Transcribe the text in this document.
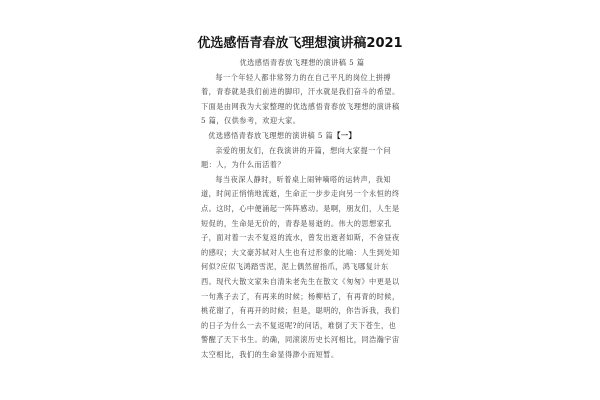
优选感悟青春放飞理想演讲稿2021

优选感悟青春放飞理想的演讲稿 5 篇

每一个年轻人都非常努力的在自己平凡的岗位上拼搏着，青春就是我们前进的脚印，汗水就是我们奋斗的希望。下面是由网我为大家整理的优选感悟青春放飞理想的演讲稿 5 篇，仅供参考，欢迎大家。

优选感悟青春放飞理想的演讲稿 5 篇【一】

亲爱的朋友们，在我演讲的开篇，想向大家提一个问题：人，为什么而活着？

每当夜深人静时，听着桌上闹钟嘀嗒的运转声，我知道，时间正悄悄地流逝，生命正一步步走向另一个永恒的终点。这时，心中便涌起一阵阵感动。是啊，朋友们，人生是短促的，生命是无价的，青春是易逝的。伟大的思想家孔子，面对着一去不复返的流水，曾发出逝者如斯，不舍昼夜的感叹；大文豪苏轼对人生也有过形象的比喻：人生到处知何似?应似飞鸿踏雪泥，泥上偶然留指爪，鸿飞哪复计东西。现代大散文家朱自清朱老先生在散文《匆匆》中更是以一句燕子去了，有再来的时候；杨柳枯了，有再青的时候，桃花谢了，有再开的时候；但是，聪明的，你告诉我，我们的日子为什么一去不复返呢?的问话，难倒了天下苍生，也警醒了天下书生。的确，同滚滚历史长河相比，同浩瀚宇宙太空相比，我们的生命显得渺小而短暂。
